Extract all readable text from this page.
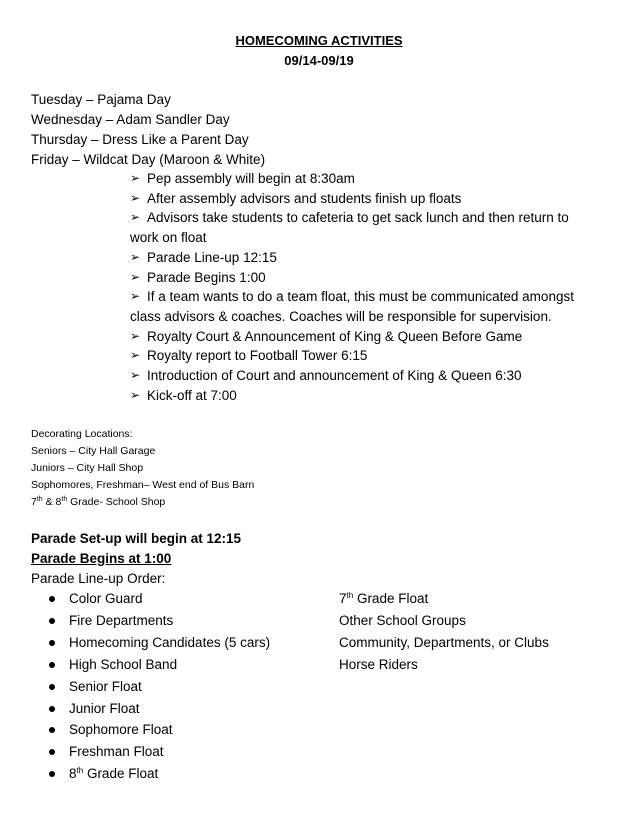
HOMECOMING ACTIVITIES
09/14-09/19
Tuesday – Pajama Day
Wednesday – Adam Sandler Day
Thursday – Dress Like a Parent Day
Friday – Wildcat Day (Maroon & White)
➢ Pep assembly will begin at 8:30am
➢ After assembly advisors and students finish up floats
➢ Advisors take students to cafeteria to get sack lunch and then return to
work on float
➢ Parade Line-up 12:15
➢ Parade Begins 1:00
➢ If a team wants to do a team float, this must be communicated amongst
class advisors & coaches. Coaches will be responsible for supervision.
➢ Royalty Court & Announcement of King & Queen Before Game
➢ Royalty report to Football Tower 6:15
➢ Introduction of Court and announcement of King & Queen 6:30
➢ Kick-off at 7:00
Decorating Locations:
Seniors – City Hall Garage
Juniors – City Hall Shop
Sophomores, Freshman– West end of Bus Barn
7th & 8th Grade- School Shop
Parade Set-up will begin at 12:15
Parade Begins at 1:00
Parade Line-up Order:
Color Guard
Fire Departments
Homecoming Candidates (5 cars)
High School Band
Senior Float
Junior Float
Sophomore Float
Freshman Float
8th Grade Float
7th Grade Float
Other School Groups
Community, Departments, or Clubs
Horse Riders
